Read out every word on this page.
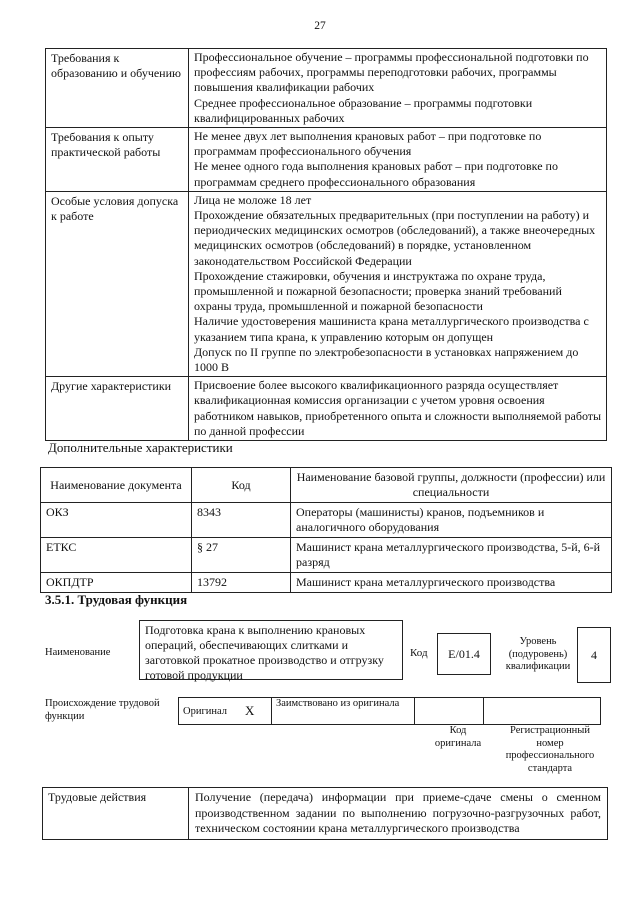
27
Требования к образованию и обучению	Профессиональное обучение – программы профессиональной подготовки по профессиям рабочих, программы переподготовки рабочих, программы повышения квалификации рабочих
Среднее профессиональное образование – программы подготовки квалифицированных рабочих

Требования к опыту практической работы	Не менее двух лет выполнения крановых работ – при подготовке по программам профессионального обучения
Не менее одного года выполнения крановых работ – при подготовке по программам среднего профессионального образования

Особые условия допуска к работе	Лица не моложе 18 лет
Прохождение обязательных предварительных (при поступлении на работу) и периодических медицинских осмотров (обследований), а также внеочередных медицинских осмотров (обследований) в порядке, установленном законодательством Российской Федерации
Прохождение стажировки, обучения и инструктажа по охране труда, промышленной и пожарной безопасности; проверка знаний требований охраны труда, промышленной и пожарной безопасности
Наличие удостоверения машиниста крана металлургического производства с указанием типа крана, к управлению которым он допущен
Допуск по II группе по электробезопасности в установках напряжением до 1000 В

Другие характеристики	Присвоение более высокого квалификационного разряда осуществляет квалификационная комиссия организации с учетом уровня освоения работником навыков, приобретенного опыта и сложности выполняемой работы по данной профессии
Дополнительные характеристики
Наименование документа	Код	Наименование базовой группы, должности (профессии) или специальности
ОКЗ	8343	Операторы (машинисты) кранов, подъемников и аналогичного оборудования
ЕТКС	§ 27	Машинист крана металлургического производства, 5-й, 6-й разряд
ОКПДТР	13792	Машинист крана металлургического производства
3.5.1. Трудовая функция
Наименование
Подготовка крана к выполнению крановых операций, обеспечивающих слитками и заготовкой прокатное производство и отгрузку готовой продукции
Код	E/01.4
Уровень (подуровень) квалификации
4
Происхождение трудовой функции	Оригинал	X	Заимствовано из оригинала		
Код оригинала
Регистрационный номер профессионального стандарта
Трудовые действия	Получение (передача) информации при приеме-сдаче смены о сменном производственном задании по выполнению погрузочно-разгрузочных работ, техническом состоянии крана металлургического производства
